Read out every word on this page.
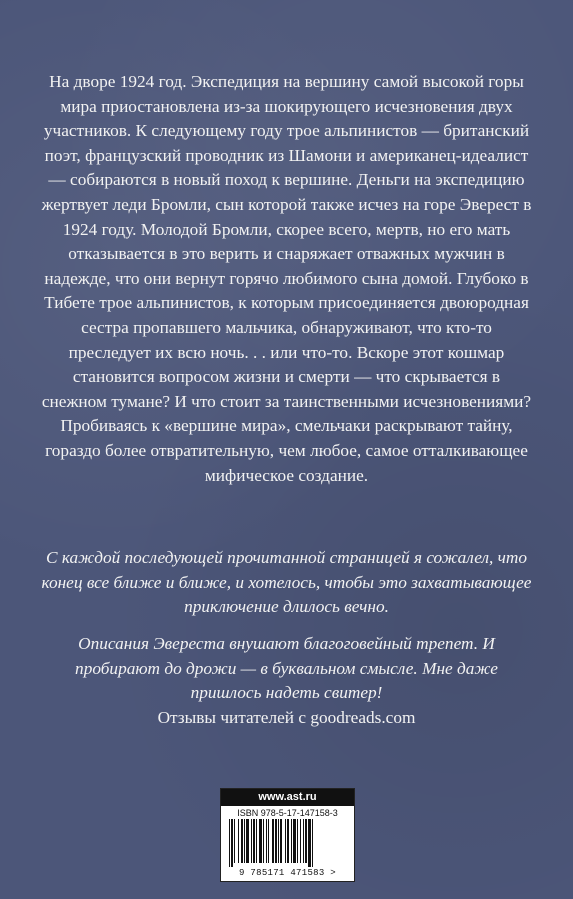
На дворе 1924 год. Экспедиция на вершину самой высокой горы мира приостановлена из-за шокирующего исчезновения двух участников. К следующему году трое альпинистов — британский поэт, французский проводник из Шамони и американец-идеалист — собираются в новый поход к вершине. Деньги на экспедицию жертвует леди Бромли, сын которой также исчез на горе Эверест в 1924 году. Молодой Бромли, скорее всего, мертв, но его мать отказывается в это верить и снаряжает отважных мужчин в надежде, что они вернут горячо любимого сына домой. Глубоко в Тибете трое альпинистов, к которым присоединяется двоюродная сестра пропавшего мальчика, обнаруживают, что кто-то преследует их всю ночь. . . или что-то. Вскоре этот кошмар становится вопросом жизни и смерти — что скрывается в снежном тумане? И что стоит за таинственными исчезновениями? Пробиваясь к «вершине мира», смельчаки раскрывают тайну, гораздо более отвратительную, чем любое, самое отталкивающее мифическое создание.

С каждой последующей прочитанной страницей я сожалел, что конец все ближе и ближе, и хотелось, чтобы это захватывающее приключение длилось вечно.

Описания Эвереста внушают благоговейный трепет. И пробирают до дрожи — в буквальном смысле. Мне даже пришлось надеть свитер!
Отзывы читателей с goodreads.com
www.ast.ru
ISBN 978-5-17-147158-3
9 785171 471583 >
